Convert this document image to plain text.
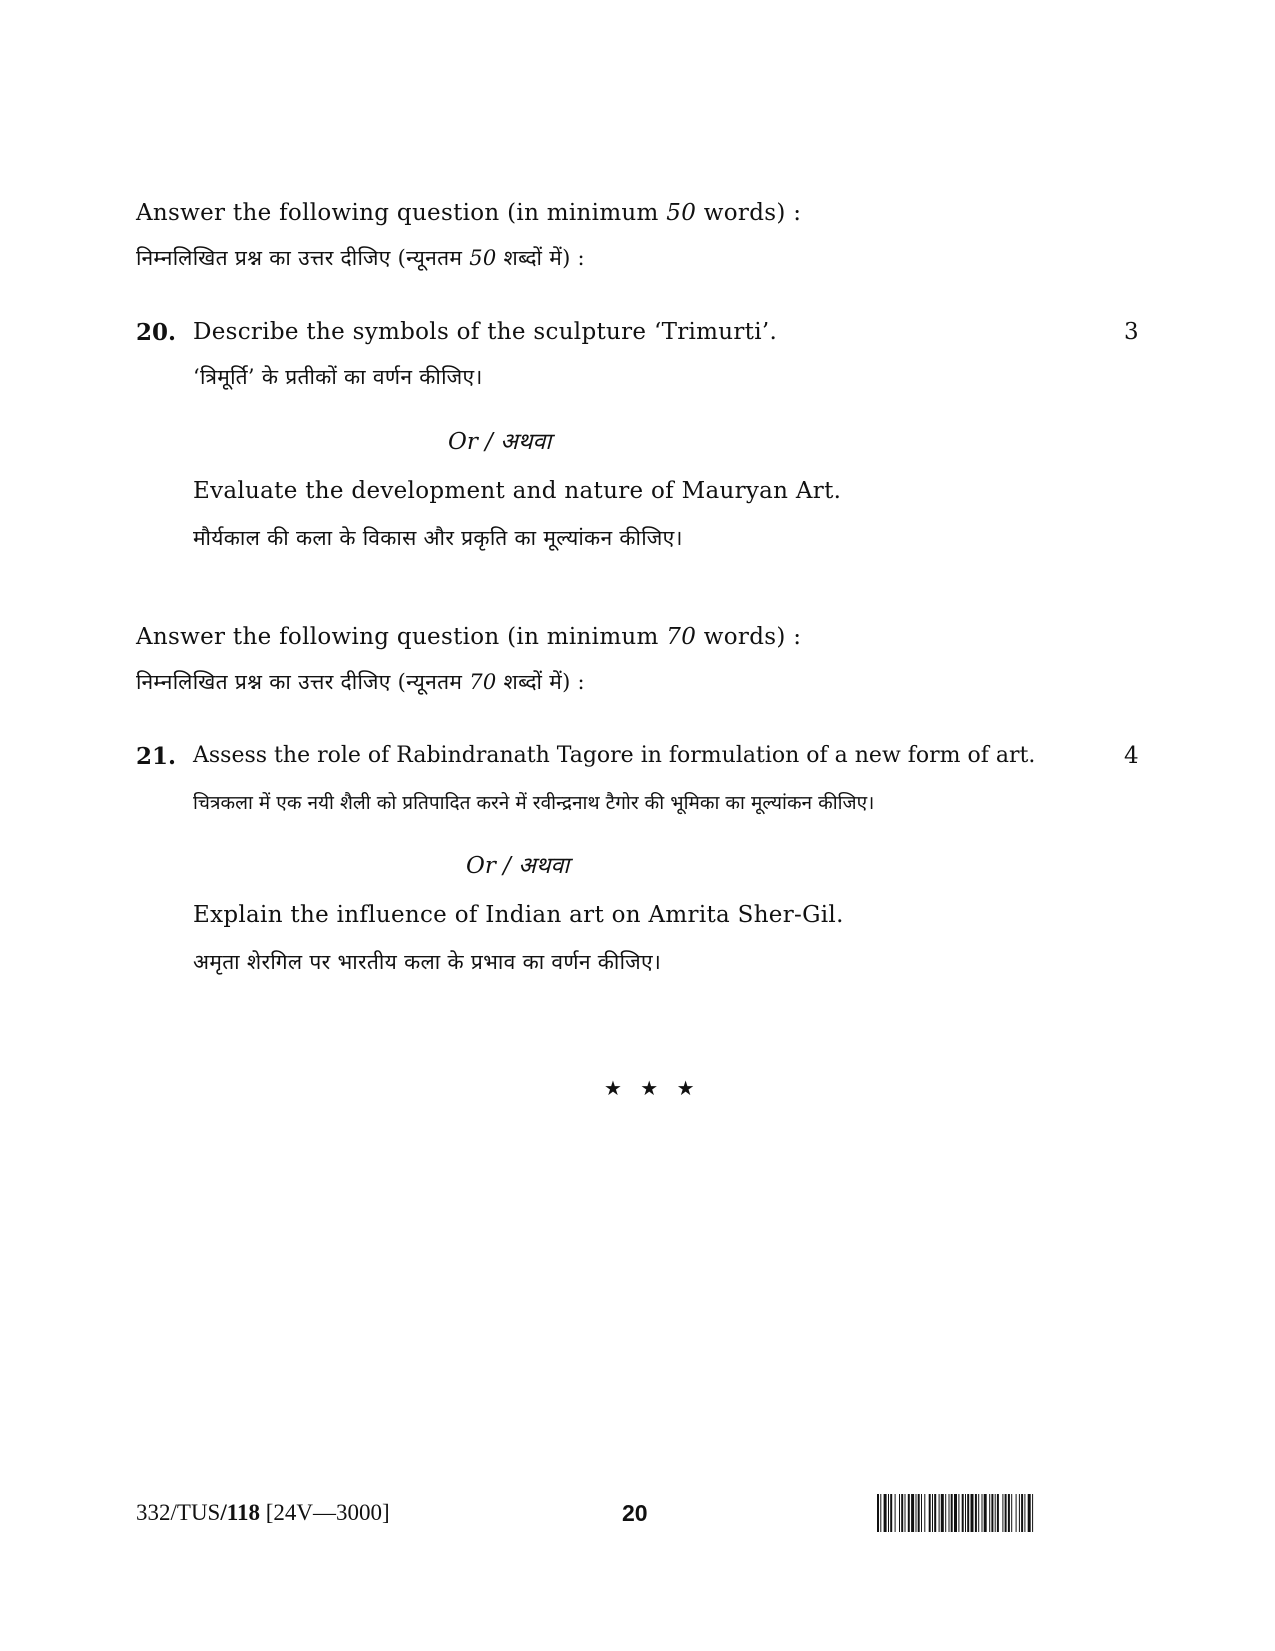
Answer the following question (in minimum 50 words) :
निम्नलिखित प्रश्न का उत्तर दीजिए (न्यूनतम 50 शब्दों में) :
20. Describe the symbols of the sculpture ‘Trimurti’.	3
‘त्रिमूर्ति’ के प्रतीकों का वर्णन कीजिए।
Or / अथवा
Evaluate the development and nature of Mauryan Art.
मौर्यकाल की कला के विकास और प्रकृति का मूल्यांकन कीजिए।
Answer the following question (in minimum 70 words) :
निम्नलिखित प्रश्न का उत्तर दीजिए (न्यूनतम 70 शब्दों में) :
21. Assess the role of Rabindranath Tagore in formulation of a new form of art.	4
चित्रकला में एक नयी शैली को प्रतिपादित करने में रवीन्द्रनाथ टैगोर की भूमिका का मूल्यांकन कीजिए।
Or / अथवा
Explain the influence of Indian art on Amrita Sher-Gil.
अमृता शेरगिल पर भारतीय कला के प्रभाव का वर्णन कीजिए।
★ ★ ★
332/TUS/118 [24V—3000]	20
